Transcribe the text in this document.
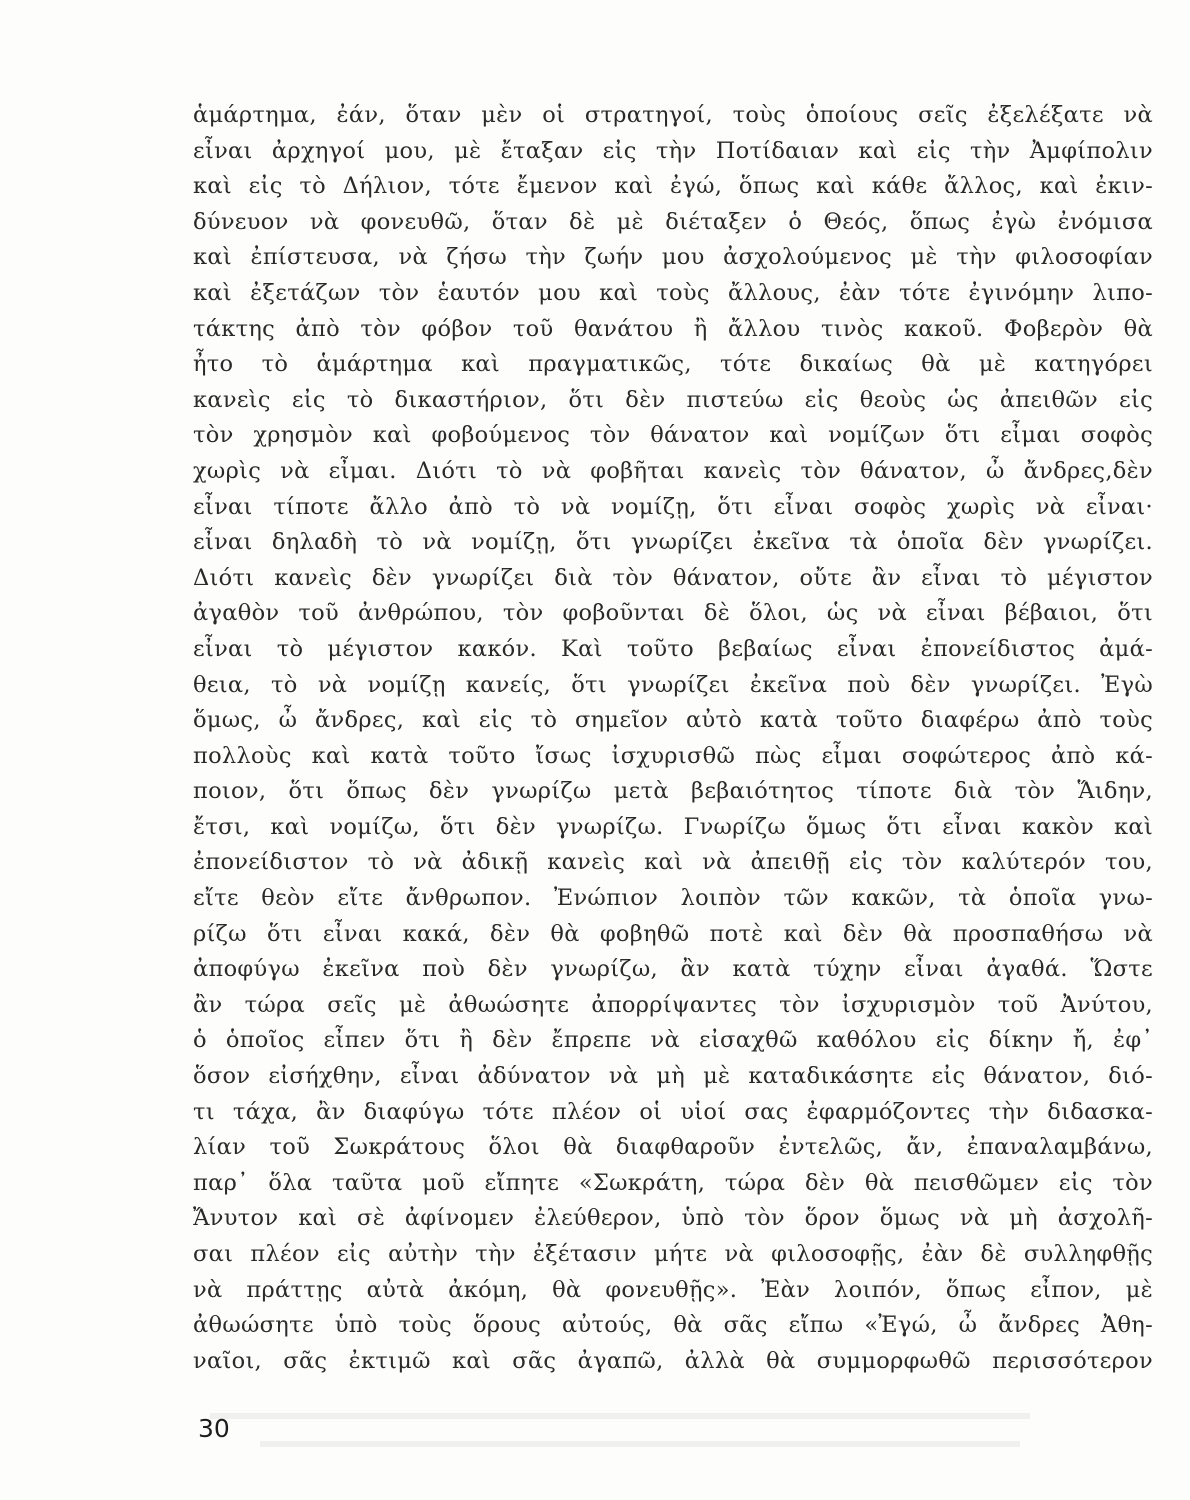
ἁμάρτημα, ἐάν, ὅταν μὲν οἱ στρατηγοί, τοὺς ὁποίους σεῖς ἐξελέξατε νὰ
εἶναι ἀρχηγοί μου, μὲ ἔταξαν εἰς τὴν Ποτίδαιαν καὶ εἰς τὴν Ἀμφίπολιν
καὶ εἰς τὸ Δήλιον, τότε ἔμενον καὶ ἐγώ, ὅπως καὶ κάθε ἄλλος, καὶ ἐκιν-
δύνευον νὰ φονευθῶ, ὅταν δὲ μὲ διέταξεν ὁ Θεός, ὅπως ἐγὼ ἐνόμισα
καὶ ἐπίστευσα, νὰ ζήσω τὴν ζωήν μου ἀσχολούμενος μὲ τὴν φιλοσοφίαν
καὶ ἐξετάζων τὸν ἑαυτόν μου καὶ τοὺς ἄλλους, ἐὰν τότε ἐγινόμην λιπο-
τάκτης ἀπὸ τὸν φόβον τοῦ θανάτου ἢ ἄλλου τινὸς κακοῦ. Φοβερὸν θὰ
ἦτο τὸ ἁμάρτημα καὶ πραγματικῶς, τότε δικαίως θὰ μὲ κατηγόρει
κανεὶς εἰς τὸ δικαστήριον, ὅτι δὲν πιστεύω εἰς θεοὺς ὡς ἀπειθῶν εἰς
τὸν χρησμὸν καὶ φοβούμενος τὸν θάνατον καὶ νομίζων ὅτι εἶμαι σοφὸς
χωρὶς νὰ εἶμαι. Διότι τὸ νὰ φοβῆται κανεὶς τὸν θάνατον, ὦ ἄνδρες,δὲν
εἶναι τίποτε ἄλλο ἀπὸ τὸ νὰ νομίζῃ, ὅτι εἶναι σοφὸς χωρὶς νὰ εἶναι·
εἶναι δηλαδὴ τὸ νὰ νομίζῃ, ὅτι γνωρίζει ἐκεῖνα τὰ ὁποῖα δὲν γνωρίζει.
Διότι κανεὶς δὲν γνωρίζει διὰ τὸν θάνατον, οὔτε ἂν εἶναι τὸ μέγιστον
ἀγαθὸν τοῦ ἀνθρώπου, τὸν φοβοῦνται δὲ ὅλοι, ὡς νὰ εἶναι βέβαιοι, ὅτι
εἶναι τὸ μέγιστον κακόν. Καὶ τοῦτο βεβαίως εἶναι ἐπονείδιστος ἀμά-
θεια, τὸ νὰ νομίζῃ κανείς, ὅτι γνωρίζει ἐκεῖνα ποὺ δὲν γνωρίζει. Ἐγὼ
ὅμως, ὦ ἄνδρες, καὶ εἰς τὸ σημεῖον αὐτὸ κατὰ τοῦτο διαφέρω ἀπὸ τοὺς
πολλοὺς καὶ κατὰ τοῦτο ἴσως ἰσχυρισθῶ πὼς εἶμαι σοφώτερος ἀπὸ κά-
ποιον, ὅτι ὅπως δὲν γνωρίζω μετὰ βεβαιότητος τίποτε διὰ τὸν Ἅιδην,
ἔτσι, καὶ νομίζω, ὅτι δὲν γνωρίζω. Γνωρίζω ὅμως ὅτι εἶναι κακὸν καὶ
ἐπονείδιστον τὸ νὰ ἀδικῇ κανεὶς καὶ νὰ ἀπειθῇ εἰς τὸν καλύτερόν του,
εἴτε θεὸν εἴτε ἄνθρωπον. Ἐνώπιον λοιπὸν τῶν κακῶν, τὰ ὁποῖα γνω-
ρίζω ὅτι εἶναι κακά, δὲν θὰ φοβηθῶ ποτὲ καὶ δὲν θὰ προσπαθήσω νὰ
ἀποφύγω ἐκεῖνα ποὺ δὲν γνωρίζω, ἂν κατὰ τύχην εἶναι ἀγαθά. Ὥστε
ἂν τώρα σεῖς μὲ ἀθωώσητε ἀπορρίψαντες τὸν ἰσχυρισμὸν τοῦ Ἀνύτου,
ὁ ὁποῖος εἶπεν ὅτι ἢ δὲν ἔπρεπε νὰ εἰσαχθῶ καθόλου εἰς δίκην ἤ, ἐφ᾽
ὅσον εἰσήχθην, εἶναι ἀδύνατον νὰ μὴ μὲ καταδικάσητε εἰς θάνατον, διό-
τι τάχα, ἂν διαφύγω τότε πλέον οἱ υἱοί σας ἐφαρμόζοντες τὴν διδασκα-
λίαν τοῦ Σωκράτους ὅλοι θὰ διαφθαροῦν ἐντελῶς, ἄν, ἐπαναλαμβάνω,
παρ᾽ ὅλα ταῦτα μοῦ εἴπητε «Σωκράτη, τώρα δὲν θὰ πεισθῶμεν εἰς τὸν
Ἄνυτον καὶ σὲ ἀφίνομεν ἐλεύθερον, ὑπὸ τὸν ὅρον ὅμως νὰ μὴ ἀσχολῆ-
σαι πλέον εἰς αὐτὴν τὴν ἐξέτασιν μήτε νὰ φιλοσοφῇς, ἐὰν δὲ συλληφθῇς
νὰ πράττῃς αὐτὰ ἀκόμη, θὰ φονευθῇς». Ἐὰν λοιπόν, ὅπως εἶπον, μὲ
ἀθωώσητε ὑπὸ τοὺς ὅρους αὐτούς, θὰ σᾶς εἴπω «Ἐγώ, ὦ ἄνδρες Ἀθη-
ναῖοι, σᾶς ἐκτιμῶ καὶ σᾶς ἀγαπῶ, ἀλλὰ θὰ συμμορφωθῶ περισσότερον
30
